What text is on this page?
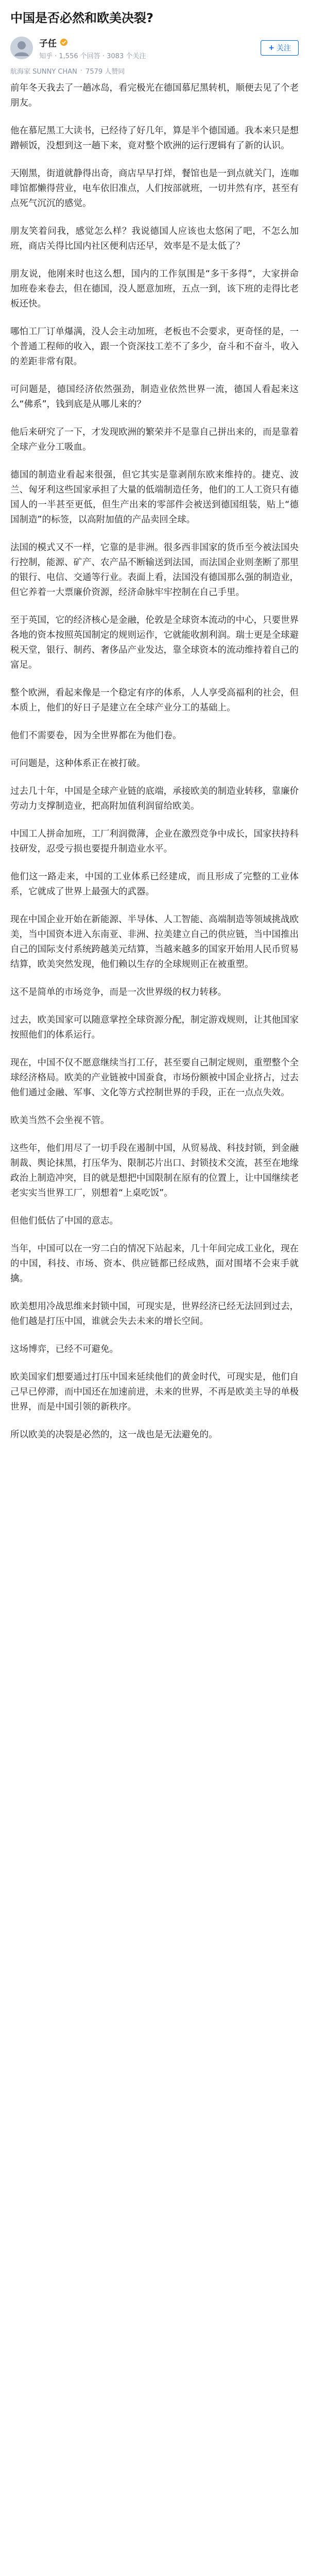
中国是否必然和欧美决裂?
子任
知乎 · 1,556 个回答 · 3083 个关注
+ 关注
航海家 SUNNY CHAN · 7579 人赞同

前年冬天我去了一趟冰岛，看完极光在德国慕尼黑转机，顺便去见了个老朋友。

他在慕尼黑工大读书，已经待了好几年，算是半个德国通。我本来只是想蹭顿饭，没想到这一趟下来，竟对整个欧洲的运行逻辑有了新的认识。

天刚黑，街道就静得出奇，商店早早打烊，餐馆也是一到点就关门，连咖啡馆都懒得营业，电车依旧准点，人们按部就班，一切井然有序，甚至有点死气沉沉的感觉。

朋友笑着问我，感觉怎么样？我说德国人应该也太悠闲了吧，不怎么加班，商店关得比国内社区便利店还早，效率是不是太低了？

朋友说，他刚来时也这么想，国内的工作氛围是“多干多得”，大家拼命加班卷来卷去，但在德国，没人愿意加班，五点一到，该下班的走得比老板还快。

哪怕工厂订单爆满，没人会主动加班，老板也不会要求，更奇怪的是，一个普通工程师的收入，跟一个资深技工差不了多少，奋斗和不奋斗，收入的差距非常有限。

可问题是，德国经济依然强劲，制造业依然世界一流，德国人看起来这么“佛系”，钱到底是从哪儿来的？

他后来研究了一下，才发现欧洲的繁荣并不是靠自己拼出来的，而是靠着全球产业分工吸血。

德国的制造业看起来很强，但它其实是靠剥削东欧来维持的。捷克、波兰、匈牙利这些国家承担了大量的低端制造任务，他们的工人工资只有德国人的一半甚至更低，但生产出来的零部件会被送到德国组装，贴上“德国制造”的标签，以高附加值的产品卖回全球。

法国的模式又不一样，它靠的是非洲。很多西非国家的货币至今被法国央行控制，能源、矿产、农产品不断输送到法国，而法国企业则垄断了那里的银行、电信、交通等行业。表面上看，法国没有德国那么强的制造业，但它养着一大票廉价资源，经济命脉牢牢控制在自己手里。

至于英国，它的经济核心是金融，伦敦是全球资本流动的中心，只要世界各地的资本按照英国制定的规则运作，它就能收割利润。瑞士更是全球避税天堂，银行、制药、奢侈品产业发达，靠全球资本的流动维持着自己的富足。

整个欧洲，看起来像是一个稳定有序的体系，人人享受高福利的社会，但本质上，他们的好日子是建立在全球产业分工的基础上。

他们不需要卷，因为全世界都在为他们卷。

可问题是，这种体系正在被打破。

过去几十年，中国是全球产业链的底端，承接欧美的制造业转移，靠廉价劳动力支撑制造业，把高附加值利润留给欧美。

中国工人拼命加班，工厂利润微薄，企业在激烈竞争中成长，国家扶持科技研发，忍受亏损也要提升制造业水平。

他们这一路走来，中国的工业体系已经建成，而且形成了完整的工业体系，它就成了世界上最强大的武器。

现在中国企业开始在新能源、半导体、人工智能、高端制造等领域挑战欧美，当中国资本进入东南亚、非洲、拉美建立自己的供应链，当中国推出自己的国际支付系统跨越美元结算，当越来越多的国家开始用人民币贸易结算，欧美突然发现，他们赖以生存的全球规则正在被重塑。

这不是简单的市场竞争，而是一次世界级的权力转移。

过去，欧美国家可以随意掌控全球资源分配，制定游戏规则，让其他国家按照他们的体系运行。

现在，中国不仅不愿意继续当打工仔，甚至要自己制定规则，重塑整个全球经济格局。欧美的产业链被中国蚕食，市场份额被中国企业挤占，过去他们通过金融、军事、文化等方式控制世界的手段，正在一点点失效。

欧美当然不会坐视不管。

这些年，他们用尽了一切手段在遏制中国，从贸易战、科技封锁，到金融制裁、舆论抹黑，打压华为、限制芯片出口、封锁技术交流，甚至在地缘政治上制造冲突，目的就是想把中国限制在原有的位置上，让中国继续老老实实当世界工厂，别想着“上桌吃饭”。

但他们低估了中国的意志。

当年，中国可以在一穷二白的情况下站起来，几十年间完成工业化，现在的中国，科技、市场、资本、供应链都已经成熟，面对围堵不会束手就擒。

欧美想用冷战思维来封锁中国，可现实是，世界经济已经无法回到过去，他们越是打压中国，谁就会失去未来的增长空间。

这场博弈，已经不可避免。

欧美国家们想要通过打压中国来延续他们的黄金时代，可现实是，他们自己早已停滞，而中国还在加速前进，未来的世界，不再是欧美主导的单极世界，而是中国引领的新秩序。

所以欧美的决裂是必然的，这一战也是无法避免的。
